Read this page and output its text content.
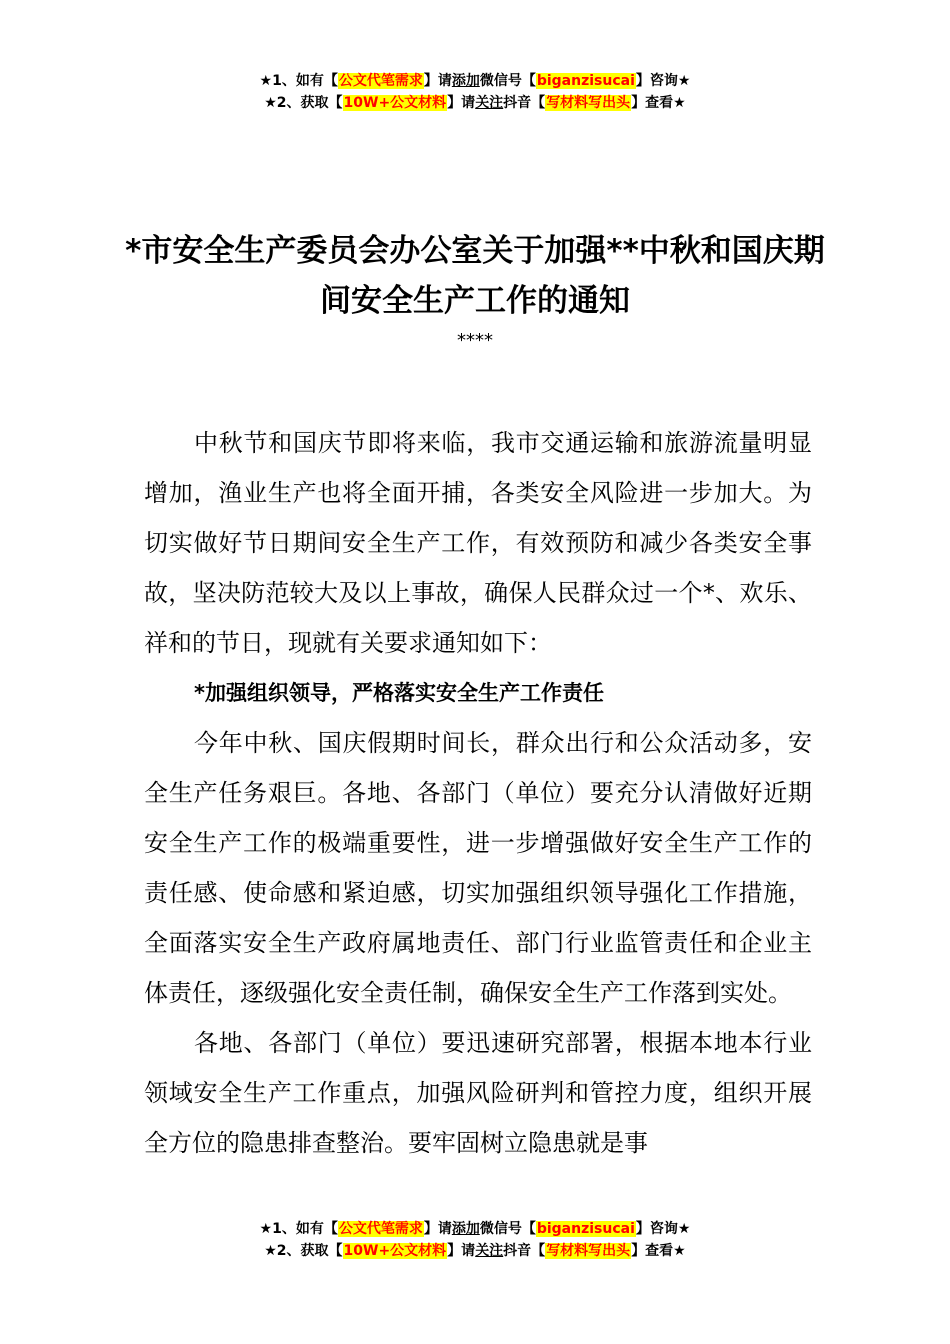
★1、如有【公文代笔需求】请添加微信号【biganzisucai】咨询★
★2、获取【10W+公文材料】请关注抖音【写材料写出头】查看★
*市安全生产委员会办公室关于加强**中秋和国庆期间安全生产工作的通知
****

中秋节和国庆节即将来临，我市交通运输和旅游流量明显增加，渔业生产也将全面开捕，各类安全风险进一步加大。为切实做好节日期间安全生产工作，有效预防和减少各类安全事故，坚决防范较大及以上事故，确保人民群众过一个*、欢乐、祥和的节日，现就有关要求通知如下：

*加强组织领导，严格落实安全生产工作责任

今年中秋、国庆假期时间长，群众出行和公众活动多，安全生产任务艰巨。各地、各部门（单位）要充分认清做好近期安全生产工作的极端重要性，进一步增强做好安全生产工作的责任感、使命感和紧迫感，切实加强组织领导强化工作措施，全面落实安全生产政府属地责任、部门行业监管责任和企业主体责任，逐级强化安全责任制，确保安全生产工作落到实处。

各地、各部门（单位）要迅速研究部署，根据本地本行业领域安全生产工作重点，加强风险研判和管控力度，组织开展全方位的隐患排查整治。要牢固树立隐患就是事

★1、如有【公文代笔需求】请添加微信号【biganzisucai】咨询★
★2、获取【10W+公文材料】请关注抖音【写材料写出头】查看★
